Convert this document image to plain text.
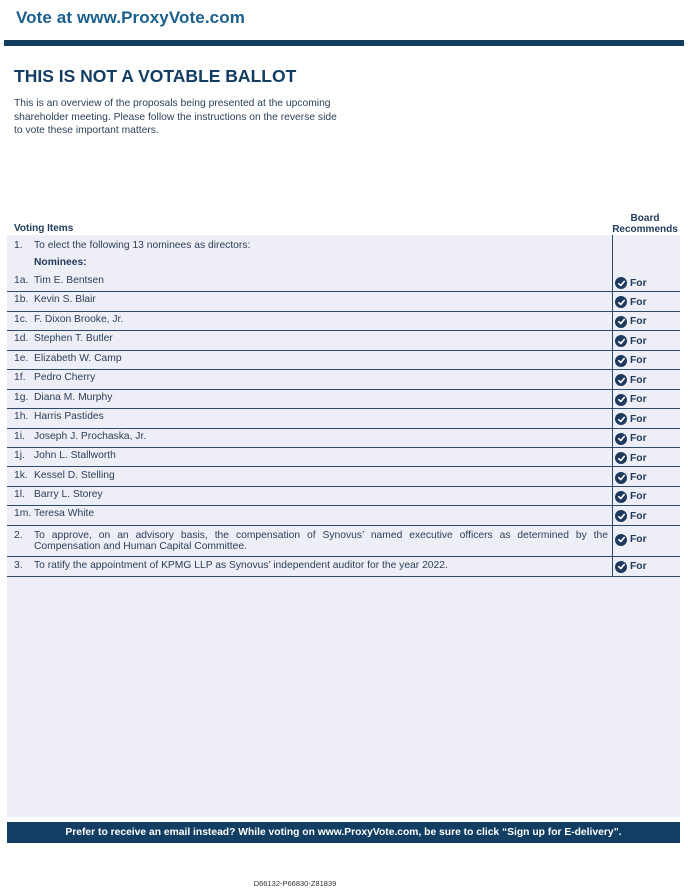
Vote at www.ProxyVote.com
THIS IS NOT A VOTABLE BALLOT
This is an overview of the proposals being presented at the upcoming shareholder meeting. Please follow the instructions on the reverse side to vote these important matters.
Voting Items
Board
Recommends
1. To elect the following 13 nominees as directors:
Nominees:
1a. Tim E. Bentsen	For
1b. Kevin S. Blair	For
1c. F. Dixon Brooke, Jr.	For
1d. Stephen T. Butler	For
1e. Elizabeth W. Camp	For
1f. Pedro Cherry	For
1g. Diana M. Murphy	For
1h. Harris Pastides	For
1i. Joseph J. Prochaska, Jr.	For
1j. John L. Stallworth	For
1k. Kessel D. Stelling	For
1l. Barry L. Storey	For
1m. Teresa White	For
2. To approve, on an advisory basis, the compensation of Synovus’ named executive officers as determined by the Compensation and Human Capital Committee.
For
3. To ratify the appointment of KPMG LLP as Synovus’ independent auditor for the year 2022.	For
Prefer to receive an email instead? While voting on www.ProxyVote.com, be sure to click “Sign up for E-delivery”.
D66132-P66830-Z81839
